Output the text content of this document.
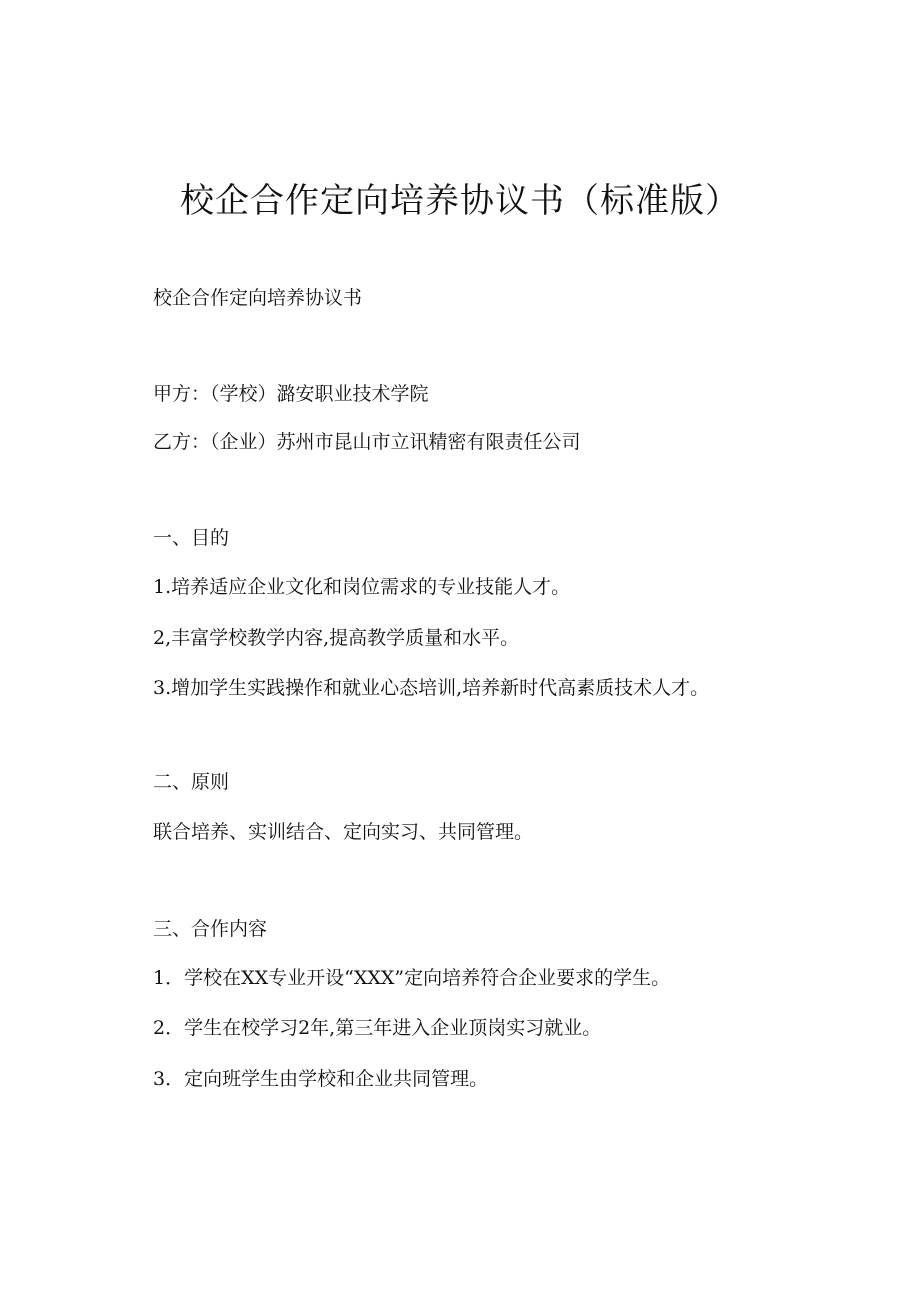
校企合作定向培养协议书（标准版）

校企合作定向培养协议书

甲方：（学校）潞安职业技术学院

乙方：（企业）苏州市昆山市立讯精密有限责任公司

一、目的

1.培养适应企业文化和岗位需求的专业技能人才。

2,丰富学校教学内容,提高教学质量和水平。

3.增加学生实践操作和就业心态培训,培养新时代高素质技术人才。

二、原则

联合培养、实训结合、定向实习、共同管理。

三、合作内容

1．学校在XX专业开设“XXX”定向培养符合企业要求的学生。

2．学生在校学习2年,第三年进入企业顶岗实习就业。

3．定向班学生由学校和企业共同管理。
